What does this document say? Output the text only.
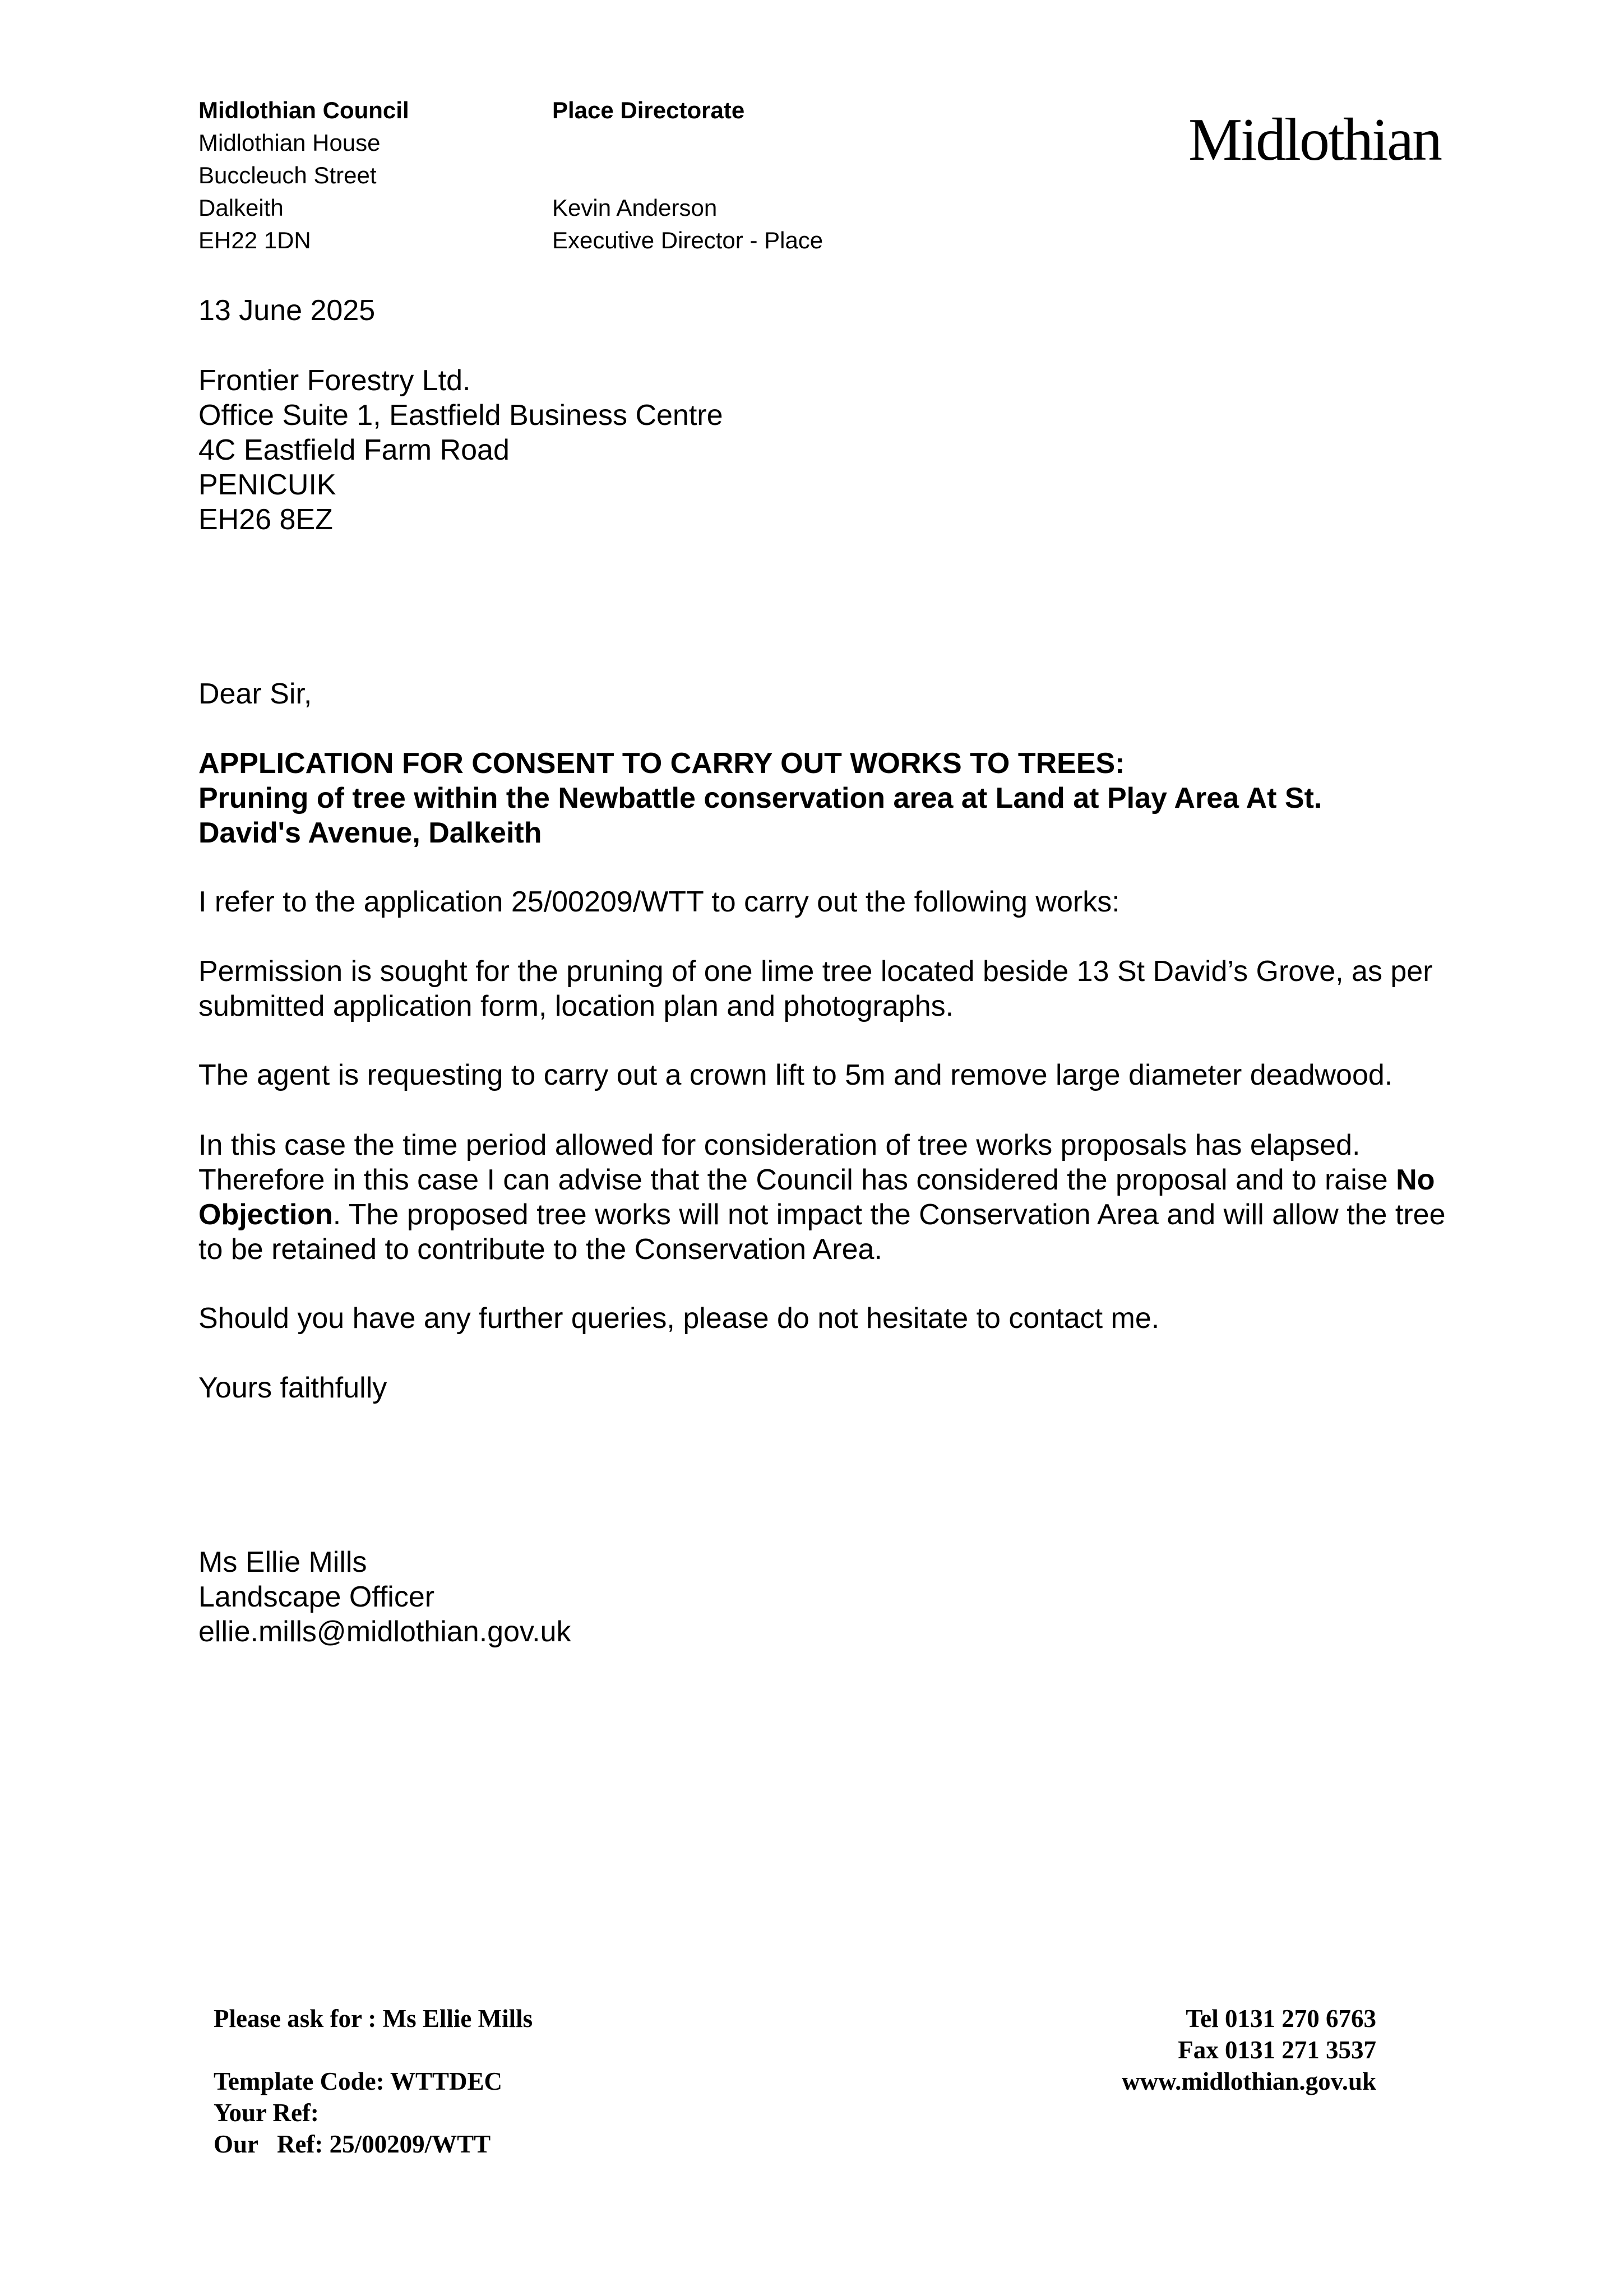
Midlothian Council
Midlothian House
Buccleuch Street
Dalkeith
EH22 1DN
Place Directorate

Kevin Anderson
Executive Director - Place
Midlothian
13 June 2025
Frontier Forestry Ltd.
Office Suite 1, Eastfield Business Centre
4C Eastfield Farm Road
PENICUIK
EH26 8EZ
Dear Sir,

APPLICATION FOR CONSENT TO CARRY OUT WORKS TO TREES:

Pruning of tree within the Newbattle conservation area at Land at Play Area At St. David's Avenue, Dalkeith

I refer to the application 25/00209/WTT to carry out the following works:
Permission is sought for the pruning of one lime tree located beside 13 St David’s Grove, as per submitted application form, location plan and photographs.
The agent is requesting to carry out a crown lift to 5m and remove large diameter deadwood.
In this case the time period allowed for consideration of tree works proposals has elapsed. Therefore in this case I can advise that the Council has considered the proposal and to raise No Objection. The proposed tree works will not impact the Conservation Area and will allow the tree to be retained to contribute to the Conservation Area.
Should you have any further queries, please do not hesitate to contact me.
Yours faithfully
Ms Ellie Mills
Landscape Officer
ellie.mills@midlothian.gov.uk
Please ask for : Ms Ellie Mills

Template Code: WTTDEC
Your Ref:
Our   Ref: 25/00209/WTT
Tel 0131 270 6763
Fax 0131 271 3537
www.midlothian.gov.uk
